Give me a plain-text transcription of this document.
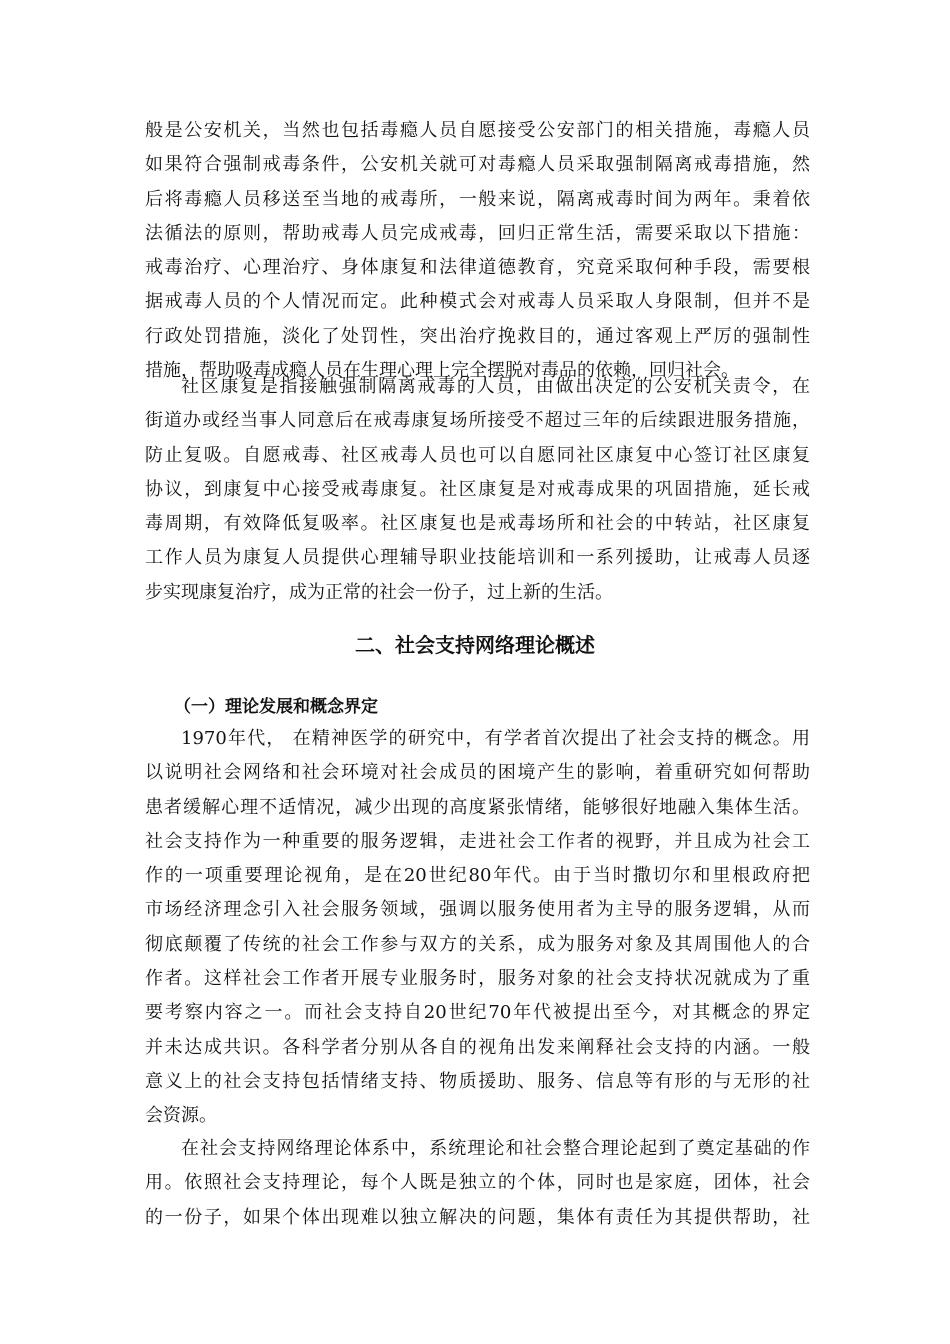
般是公安机关，当然也包括毒瘾人员自愿接受公安部门的相关措施，毒瘾人员
如果符合强制戒毒条件，公安机关就可对毒瘾人员采取强制隔离戒毒措施，然
后将毒瘾人员移送至当地的戒毒所，一般来说，隔离戒毒时间为两年。秉着依
法循法的原则，帮助戒毒人员完成戒毒，回归正常生活，需要采取以下措施：
戒毒治疗、心理治疗、身体康复和法律道德教育，究竟采取何种手段，需要根
据戒毒人员的个人情况而定。此种模式会对戒毒人员采取人身限制，但并不是
行政处罚措施，淡化了处罚性，突出治疗挽救目的，通过客观上严厉的强制性
措施，帮助吸毒成瘾人员在生理心理上完全摆脱对毒品的依赖，回归社会。
社区康复是指接触强制隔离戒毒的人员，由做出决定的公安机关责令，在
街道办或经当事人同意后在戒毒康复场所接受不超过三年的后续跟进服务措施，
防止复吸。自愿戒毒、社区戒毒人员也可以自愿同社区康复中心签订社区康复
协议，到康复中心接受戒毒康复。社区康复是对戒毒成果的巩固措施，延长戒
毒周期，有效降低复吸率。社区康复也是戒毒场所和社会的中转站，社区康复
工作人员为康复人员提供心理辅导职业技能培训和一系列援助，让戒毒人员逐
步实现康复治疗，成为正常的社会一份子，过上新的生活。
二、社会支持网络理论概述
（一）理论发展和概念界定
1970年代， 在精神医学的研究中，有学者首次提出了社会支持的概念。用
以说明社会网络和社会环境对社会成员的困境产生的影响，着重研究如何帮助
患者缓解心理不适情况，减少出现的高度紧张情绪，能够很好地融入集体生活。
社会支持作为一种重要的服务逻辑，走进社会工作者的视野，并且成为社会工
作的一项重要理论视角，是在20世纪80年代。由于当时撒切尔和里根政府把
市场经济理念引入社会服务领域，强调以服务使用者为主导的服务逻辑，从而
彻底颠覆了传统的社会工作参与双方的关系，成为服务对象及其周围他人的合
作者。这样社会工作者开展专业服务时，服务对象的社会支持状况就成为了重
要考察内容之一。而社会支持自20世纪70年代被提出至今，对其概念的界定
并未达成共识。各科学者分别从各自的视角出发来阐释社会支持的内涵。一般
意义上的社会支持包括情绪支持、物质援助、服务、信息等有形的与无形的社
会资源。
在社会支持网络理论体系中，系统理论和社会整合理论起到了奠定基础的作
用。依照社会支持理论，每个人既是独立的个体，同时也是家庭，团体，社会
的一份子，如果个体出现难以独立解决的问题，集体有责任为其提供帮助，社
